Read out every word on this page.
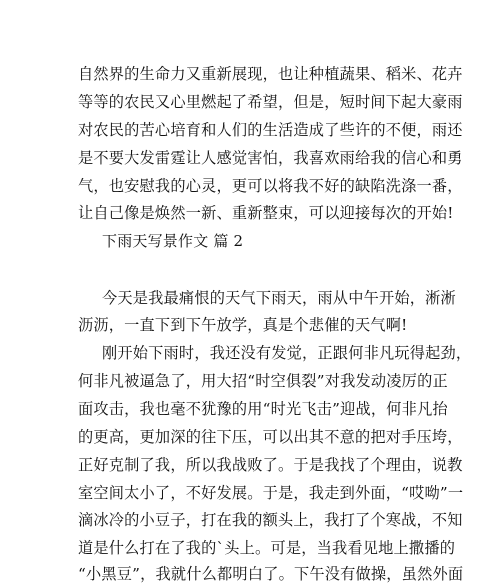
自然界的生命力又重新展现，也让种植蔬果、稻米、花卉
等等的农民又心里燃起了希望，但是，短时间下起大豪雨
对农民的苦心培育和人们的生活造成了些许的不便，雨还
是不要大发雷霆让人感觉害怕，我喜欢雨给我的信心和勇
气，也安慰我的心灵，更可以将我不好的缺陷洗涤一番，
让自己像是焕然一新、重新整束，可以迎接每次的开始!
下雨天写景作文 篇 2
今天是我最痛恨的天气下雨天，雨从中午开始，淅淅
沥沥，一直下到下午放学，真是个悲催的天气啊!
刚开始下雨时，我还没有发觉，正跟何非凡玩得起劲，
何非凡被逼急了，用大招“时空俱裂”对我发动凌厉的正
面攻击，我也毫不犹豫的用“时光飞击”迎战，何非凡抬
的更高，更加深的往下压，可以出其不意的把对手压垮，
正好克制了我，所以我战败了。于是我找了个理由，说教
室空间太小了，不好发展。于是，我走到外面，“哎呦”一
滴冰冷的小豆子，打在我的额头上，我打了个寒战，不知
道是什么打在了我的`头上。可是，当我看见地上撒播的
“小黑豆”，我就什么都明白了。下午没有做操，虽然外面
